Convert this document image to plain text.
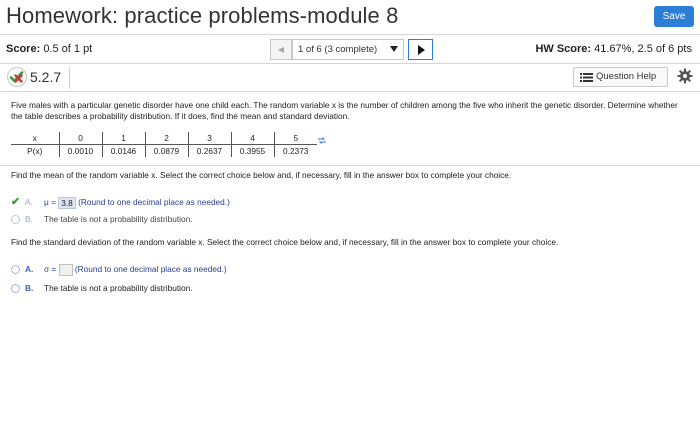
Homework: practice problems-module 8	Save
Score: 0.5 of 1 pt	◀	1 of 6 (3 complete)	HW Score: 41.67%, 2.5 of 6 pts
5.2.7	Question Help

Five males with a particular genetic disorder have one child each. The random variable x is the number of children among the five who inherit the genetic disorder. Determine whether the table describes a probability distribution. If it does, find the mean and standard deviation.

x	0	1	2	3	4	5
P(x)	0.0010	0.0146	0.0879	0.2637	0.3955	0.2373

Find the mean of the random variable x. Select the correct choice below and, if necessary, fill in the answer box to complete your choice.

✔ A. μ = 3.8 (Round to one decimal place as needed.)
B. The table is not a probability distribution.

Find the standard deviation of the random variable x. Select the correct choice below and, if necessary, fill in the answer box to complete your choice.

A. σ = (Round to one decimal place as needed.)
B. The table is not a probability distribution.
